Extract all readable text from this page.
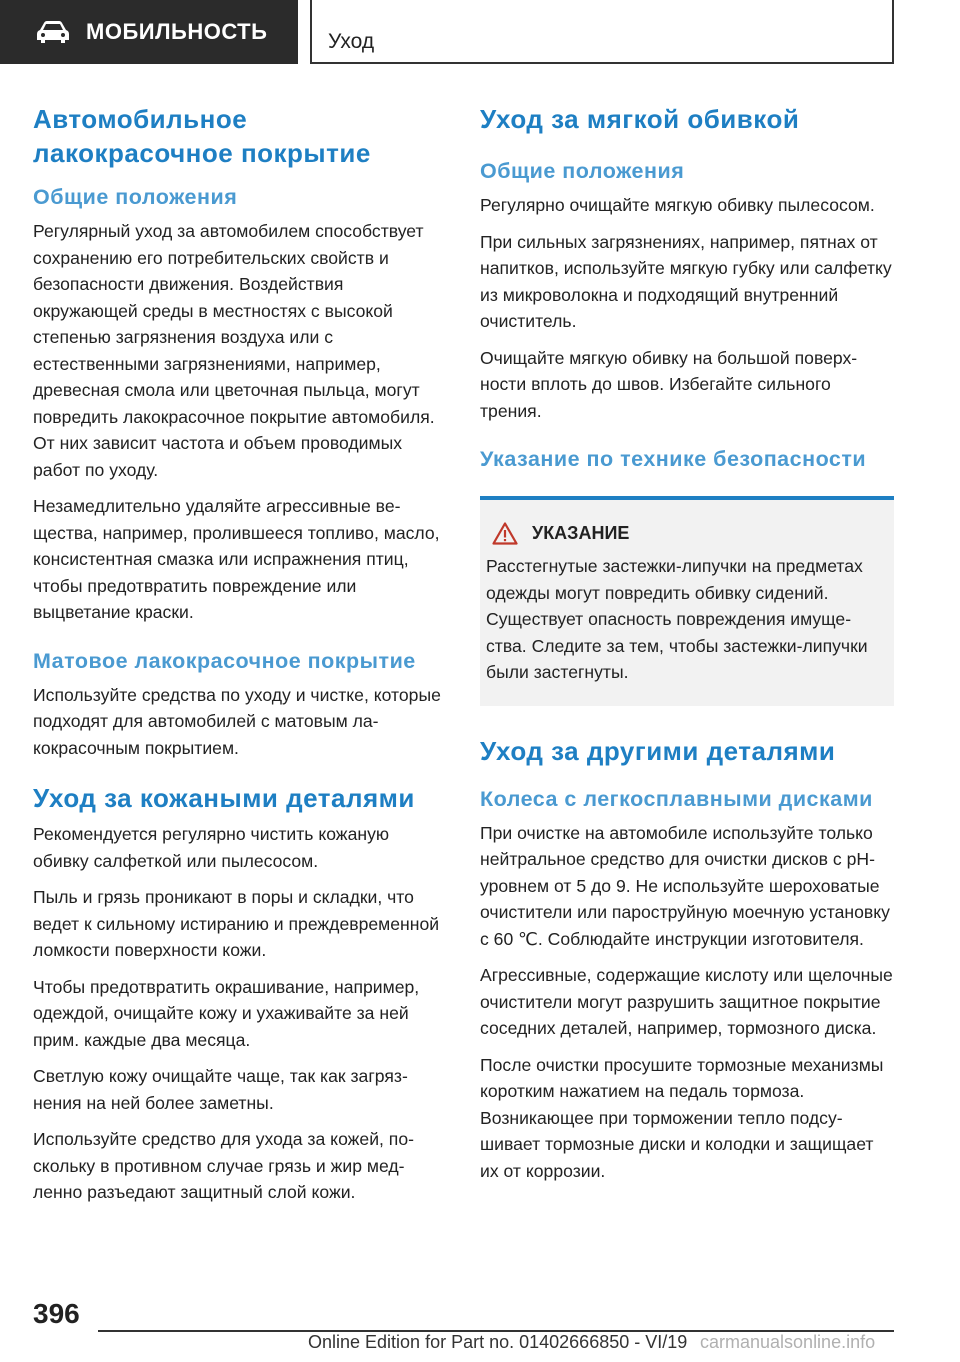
МОБИЛЬНОСТЬ	Уход
Автомобильное лакокрасочное покрытие
Общие положения

Регулярный уход за автомобилем способствует сохранению его потребительских свойств и безопасности движения. Воздействия окружающей среды в местностях с высокой степенью загрязнения воздуха или с естественными загрязнениями, например, древесная смола или цветочная пыльца, могут повредить лакокрасочное покрытие автомобиля. От них зависит частота и объем проводимых работ по уходу.

Незамедлительно удаляйте агрессивные вещества, например, пролившееся топливо, масло, консистентная смазка или испражнения птиц, чтобы предотвратить повреждение или выцветание краски.

Матовое лакокрасочное покрытие

Используйте средства по уходу и чистке, которые подходят для автомобилей с матовым лакокрасочным покрытием.

Уход за кожаными деталями

Рекомендуется регулярно чистить кожаную обивку салфеткой или пылесосом.

Пыль и грязь проникают в поры и складки, что ведет к сильному истиранию и преждевременной ломкости поверхности кожи.

Чтобы предотвратить окрашивание, например, одеждой, очищайте кожу и ухаживайте за ней прим. каждые два месяца.

Светлую кожу очищайте чаще, так как загрязнения на ней более заметны.

Используйте средство для ухода за кожей, поскольку в противном случае грязь и жир медленно разъедают защитный слой кожи.

Уход за мягкой обивкой
Общие положения

Регулярно очищайте мягкую обивку пылесосом.

При сильных загрязнениях, например, пятнах от напитков, используйте мягкую губку или салфетку из микроволокна и подходящий внутренний очиститель.

Очищайте мягкую обивку на большой поверхности вплоть до швов. Избегайте сильного трения.

Указание по технике безопасности
УКАЗАНИЕ

Расстегнутые застежки-липучки на предметах одежды могут повредить обивку сидений. Существует опасность повреждения имущества. Следите за тем, чтобы застежки-липучки были застегнуты.

Уход за другими деталями
Колеса с легкосплавными дисками

При очистке на автомобиле используйте только нейтральное средство для очистки дисков с pH-уровнем от 5 до 9. Не используйте шероховатые очистители или пароструйную моечную установку с 60 ℃. Соблюдайте инструкции изготовителя.

Агрессивные, содержащие кислоту или щелочные очистители могут разрушить защитное покрытие соседних деталей, например, тормозного диска.

После очистки просушите тормозные механизмы коротким нажатием на педаль тормоза. Возникающее при торможении тепло подсушивает тормозные диски и колодки и защищает их от коррозии.

396
Online Edition for Part no. 01402666850 - VI/19 carmanualsonline.info
